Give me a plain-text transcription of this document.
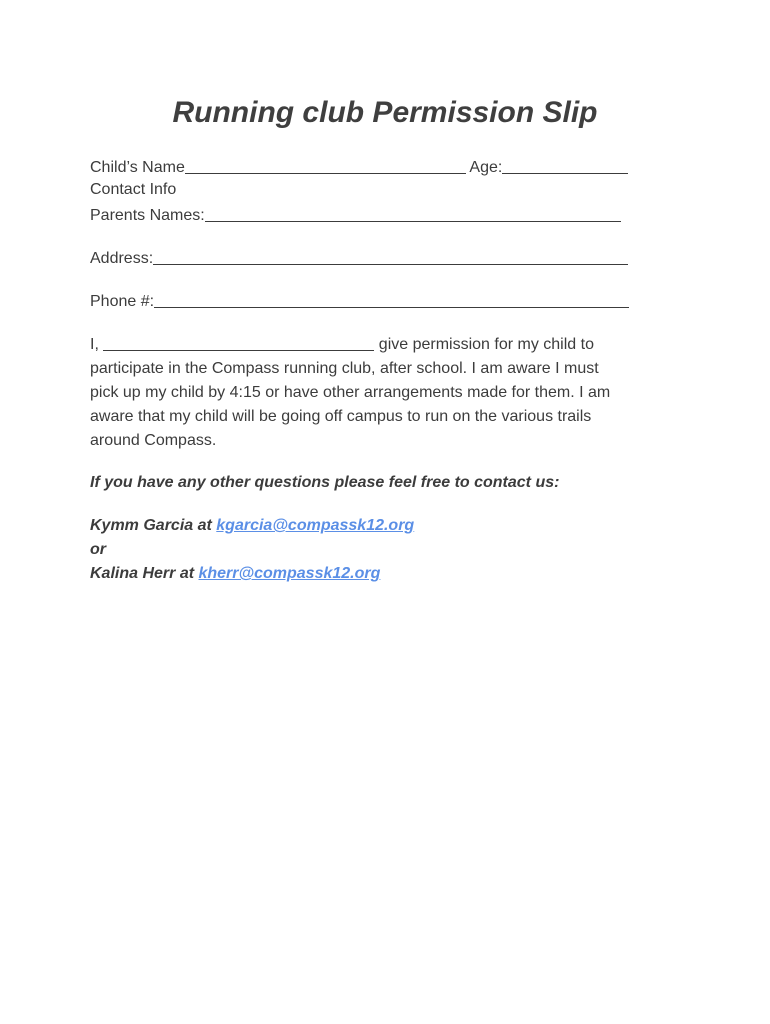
Running club Permission Slip
Child’s Name	Age:
Contact Info
Parents Names:
Address:
Phone #:
I,	give permission for my child to
participate in the Compass running club, after school. I am aware I must
pick up my child by 4:15 or have other arrangements made for them. I am
aware that my child will be going off campus to run on the various trails
around Compass.
If you have any other questions please feel free to contact us:
Kymm Garcia at kgarcia@compassk12.org
or
Kalina Herr at kherr@compassk12.org
